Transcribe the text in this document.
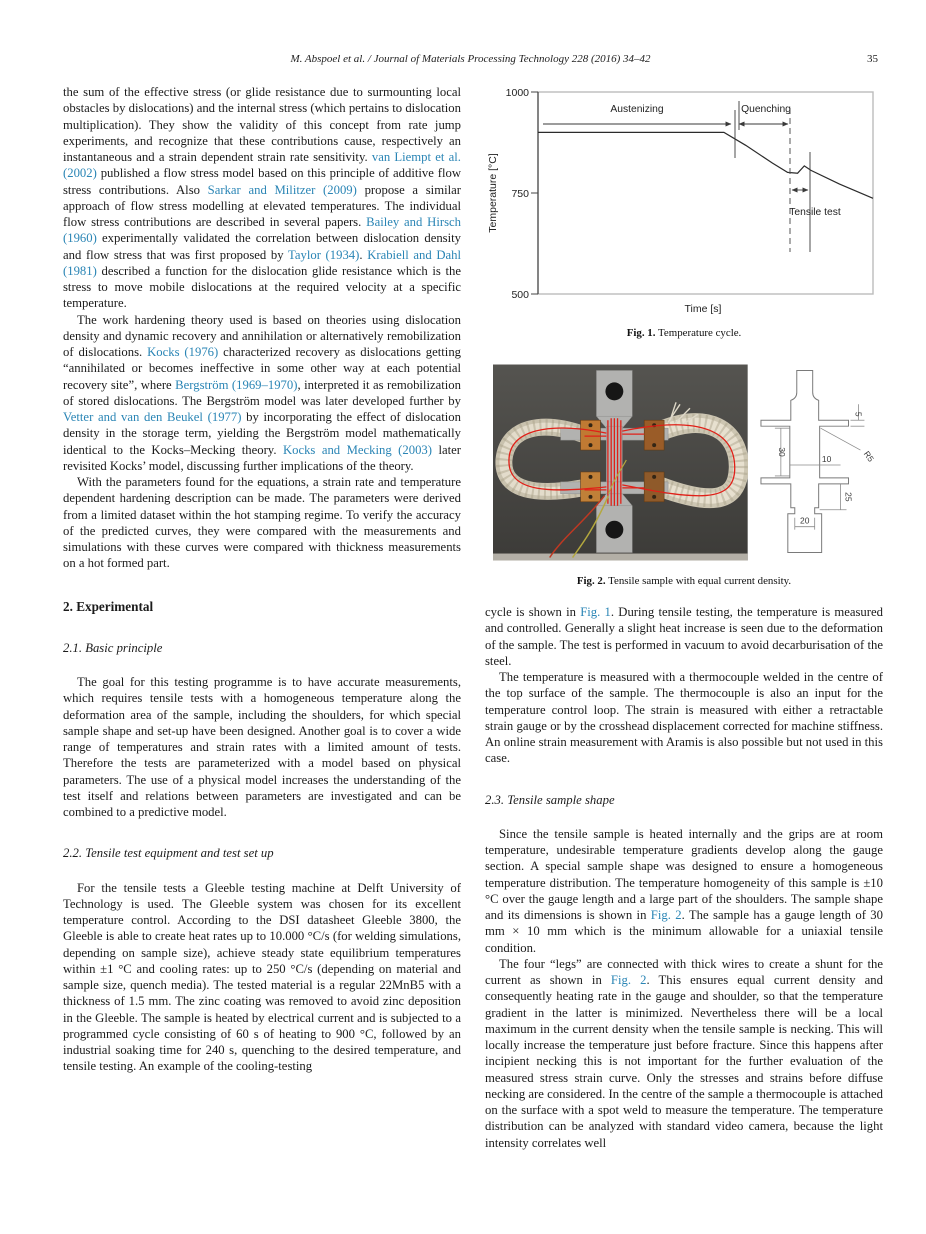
M. Abspoel et al. / Journal of Materials Processing Technology 228 (2016) 34–42	35

the sum of the effective stress (or glide resistance due to surmounting local obstacles by dislocations) and the internal stress (which pertains to dislocation multiplication). They show the validity of this concept from rate jump experiments, and recognize that these contributions cause, respectively an instantaneous and a strain dependent strain rate sensitivity. van Liempt et al. (2002) published a flow stress model based on this principle of additive flow stress contributions. Also Sarkar and Militzer (2009) propose a similar approach of flow stress modelling at elevated temperatures. The individual flow stress contributions are described in several papers. Bailey and Hirsch (1960) experimentally validated the correlation between dislocation density and flow stress that was first proposed by Taylor (1934). Krabiell and Dahl (1981) described a function for the dislocation glide resistance which is the stress to move mobile dislocations at the required velocity at a specific temperature.

The work hardening theory used is based on theories using dislocation density and dynamic recovery and annihilation or alternatively remobilization of dislocations. Kocks (1976) characterized recovery as dislocations getting “annihilated or becomes ineffective in some other way at each potential recovery site”, where Bergström (1969–1970), interpreted it as remobilization of stored dislocations. The Bergström model was later developed further by Vetter and van den Beukel (1977) by incorporating the effect of dislocation density in the storage term, yielding the Bergström model mathematically identical to the Kocks–Mecking theory. Kocks and Mecking (2003) later revisited Kocks’ model, discussing further implications of the theory.

With the parameters found for the equations, a strain rate and temperature dependent hardening description can be made. The parameters were derived from a limited dataset within the hot stamping regime. To verify the accuracy of the predicted curves, they were compared with the measurements and simulations with these curves were compared with thickness measurements on a hot formed part.

2. Experimental
2.1. Basic principle

The goal for this testing programme is to have accurate measurements, which requires tensile tests with a homogeneous temperature along the deformation area of the sample, including the shoulders, for which special sample shape and set-up have been designed. Another goal is to cover a wide range of temperatures and strain rates with a limited amount of tests. Therefore the tests are parameterized with a model based on physical parameters. The use of a physical model increases the understanding of the test itself and relations between parameters are investigated and can be combined to a predictive model.

2.2. Tensile test equipment and test set up

For the tensile tests a Gleeble testing machine at Delft University of Technology is used. The Gleeble system was chosen for its excellent temperature control. According to the DSI datasheet Gleeble 3800, the Gleeble is able to create heat rates up to 10.000 °C/s (for welding simulations, depending on sample size), achieve steady state equilibrium temperatures within ±1 °C and cooling rates: up to 250 °C/s (depending on material and sample size, quench media). The tested material is a regular 22MnB5 with a thickness of 1.5 mm. The zinc coating was removed to avoid zinc deposition in the Gleeble. The sample is heated by electrical current and is subjected to a programmed cycle consisting of 60 s of heating to 900 °C, followed by an industrial soaking time for 240 s, quenching to the desired temperature, and tensile testing. An example of the cooling-testing

1000
750
500
Temperature [°C]
Time [s]
Austenizing	Quenching
Tensile test
Fig. 1. Temperature cycle.
5
R5
30
10
25
20
Fig. 2. Tensile sample with equal current density.

cycle is shown in Fig. 1. During tensile testing, the temperature is measured and controlled. Generally a slight heat increase is seen due to the deformation of the sample. The test is performed in vacuum to avoid decarburisation of the steel.

The temperature is measured with a thermocouple welded in the centre of the top surface of the sample. The thermocouple is also an input for the temperature control loop. The strain is measured with either a retractable strain gauge or by the crosshead displacement corrected for machine stiffness. An online strain measurement with Aramis is also possible but not used in this case.

2.3. Tensile sample shape

Since the tensile sample is heated internally and the grips are at room temperature, undesirable temperature gradients develop along the gauge section. A special sample shape was designed to ensure a homogeneous temperature distribution. The temperature homogeneity of this sample is ±10 °C over the gauge length and a large part of the shoulders. The sample shape and its dimensions is shown in Fig. 2. The sample has a gauge length of 30 mm × 10 mm which is the minimum allowable for a uniaxial tensile condition.

The four “legs” are connected with thick wires to create a shunt for the current as shown in Fig. 2. This ensures equal current density and consequently heating rate in the gauge and shoulder, so that the temperature gradient in the latter is minimized. Nevertheless there will be a local maximum in the current density when the tensile sample is necking. This will locally increase the temperature just before fracture. Since this happens after incipient necking this is not important for the further evaluation of the measured stress strain curve. Only the stresses and strains before diffuse necking are considered. In the centre of the sample a thermocouple is attached on the surface with a spot weld to measure the temperature. The temperature distribution can be analyzed with standard video camera, because the light intensity correlates well
